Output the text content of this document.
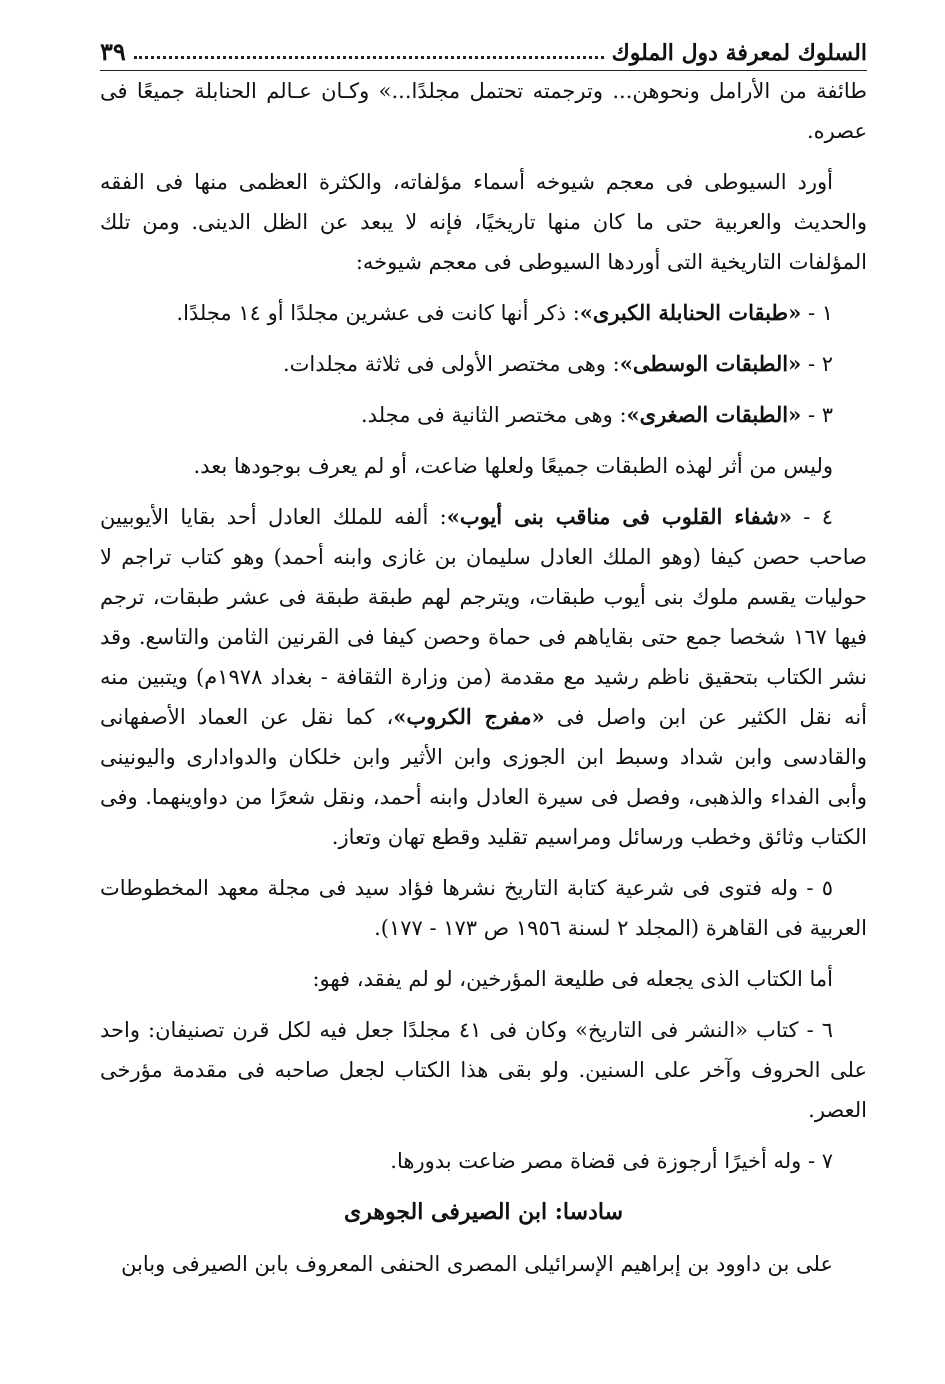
السلوك لمعرفة دول الملوك
٣٩

طائفة من الأرامل ونحوهن... وترجمته تحتمل مجلدًا...» وكـان عـالم الحنابلة جميعًا فى عصره.

أورد السيوطى فى معجم شيوخه أسماء مؤلفاته، والكثرة العظمى منها فى الفقه والحديث والعربية حتى ما كان منها تاريخيًا، فإنه لا يبعد عن الظل الدينى. ومن تلك المؤلفات التاريخية التى أوردها السيوطى فى معجم شيوخه:

١ - «طبقات الحنابلة الكبرى»: ذكر أنها كانت فى عشرين مجلدًا أو ١٤ مجلدًا.

٢ - «الطبقات الوسطى»: وهى مختصر الأولى فى ثلاثة مجلدات.

٣ - «الطبقات الصغرى»: وهى مختصر الثانية فى مجلد.

وليس من أثر لهذه الطبقات جميعًا ولعلها ضاعت، أو لم يعرف بوجودها بعد.

٤ - «شفاء القلوب فى مناقب بنى أيوب»: ألفه للملك العادل أحد بقايا الأيوبيين صاحب حصن كيفا (وهو الملك العادل سليمان بن غازى وابنه أحمد) وهو كتاب تراجم لا حوليات يقسم ملوك بنى أيوب طبقات، ويترجم لهم طبقة طبقة فى عشر طبقات، ترجم فيها ١٦٧ شخصا جمع حتى بقاياهم فى حماة وحصن كيفا فى القرنين الثامن والتاسع. وقد نشر الكتاب بتحقيق ناظم رشيد مع مقدمة (من وزارة الثقافة - بغداد ١٩٧٨م) ويتبين منه أنه نقل الكثير عن ابن واصل فى «مفرج الكروب»، كما نقل عن العماد الأصفهانى والقادسى وابن شداد وسبط ابن الجوزى وابن الأثير وابن خلكان والدوادارى واليونينى وأبى الفداء والذهبى، وفصل فى سيرة العادل وابنه أحمد، ونقل شعرًا من دواوينهما. وفى الكتاب وثائق وخطب ورسائل ومراسيم تقليد وقطع تهان وتعاز.

٥ - وله فتوى فى شرعية كتابة التاريخ نشرها فؤاد سيد فى مجلة معهد المخطوطات العربية فى القاهرة (المجلد ٢ لسنة ١٩٥٦ ص ١٧٣ - ١٧٧).

أما الكتاب الذى يجعله فى طليعة المؤرخين، لو لم يفقد، فهو:

٦ - كتاب «النشر فى التاريخ» وكان فى ٤١ مجلدًا جعل فيه لكل قرن تصنيفان: واحد على الحروف وآخر على السنين. ولو بقى هذا الكتاب لجعل صاحبه فى مقدمة مؤرخى العصر.

٧ - وله أخيرًا أرجوزة فى قضاة مصر ضاعت بدورها.

سادسا: ابن الصيرفى الجوهرى

على بن داوود بن إبراهيم الإسرائيلى المصرى الحنفى المعروف بابن الصيرفى وبابن
